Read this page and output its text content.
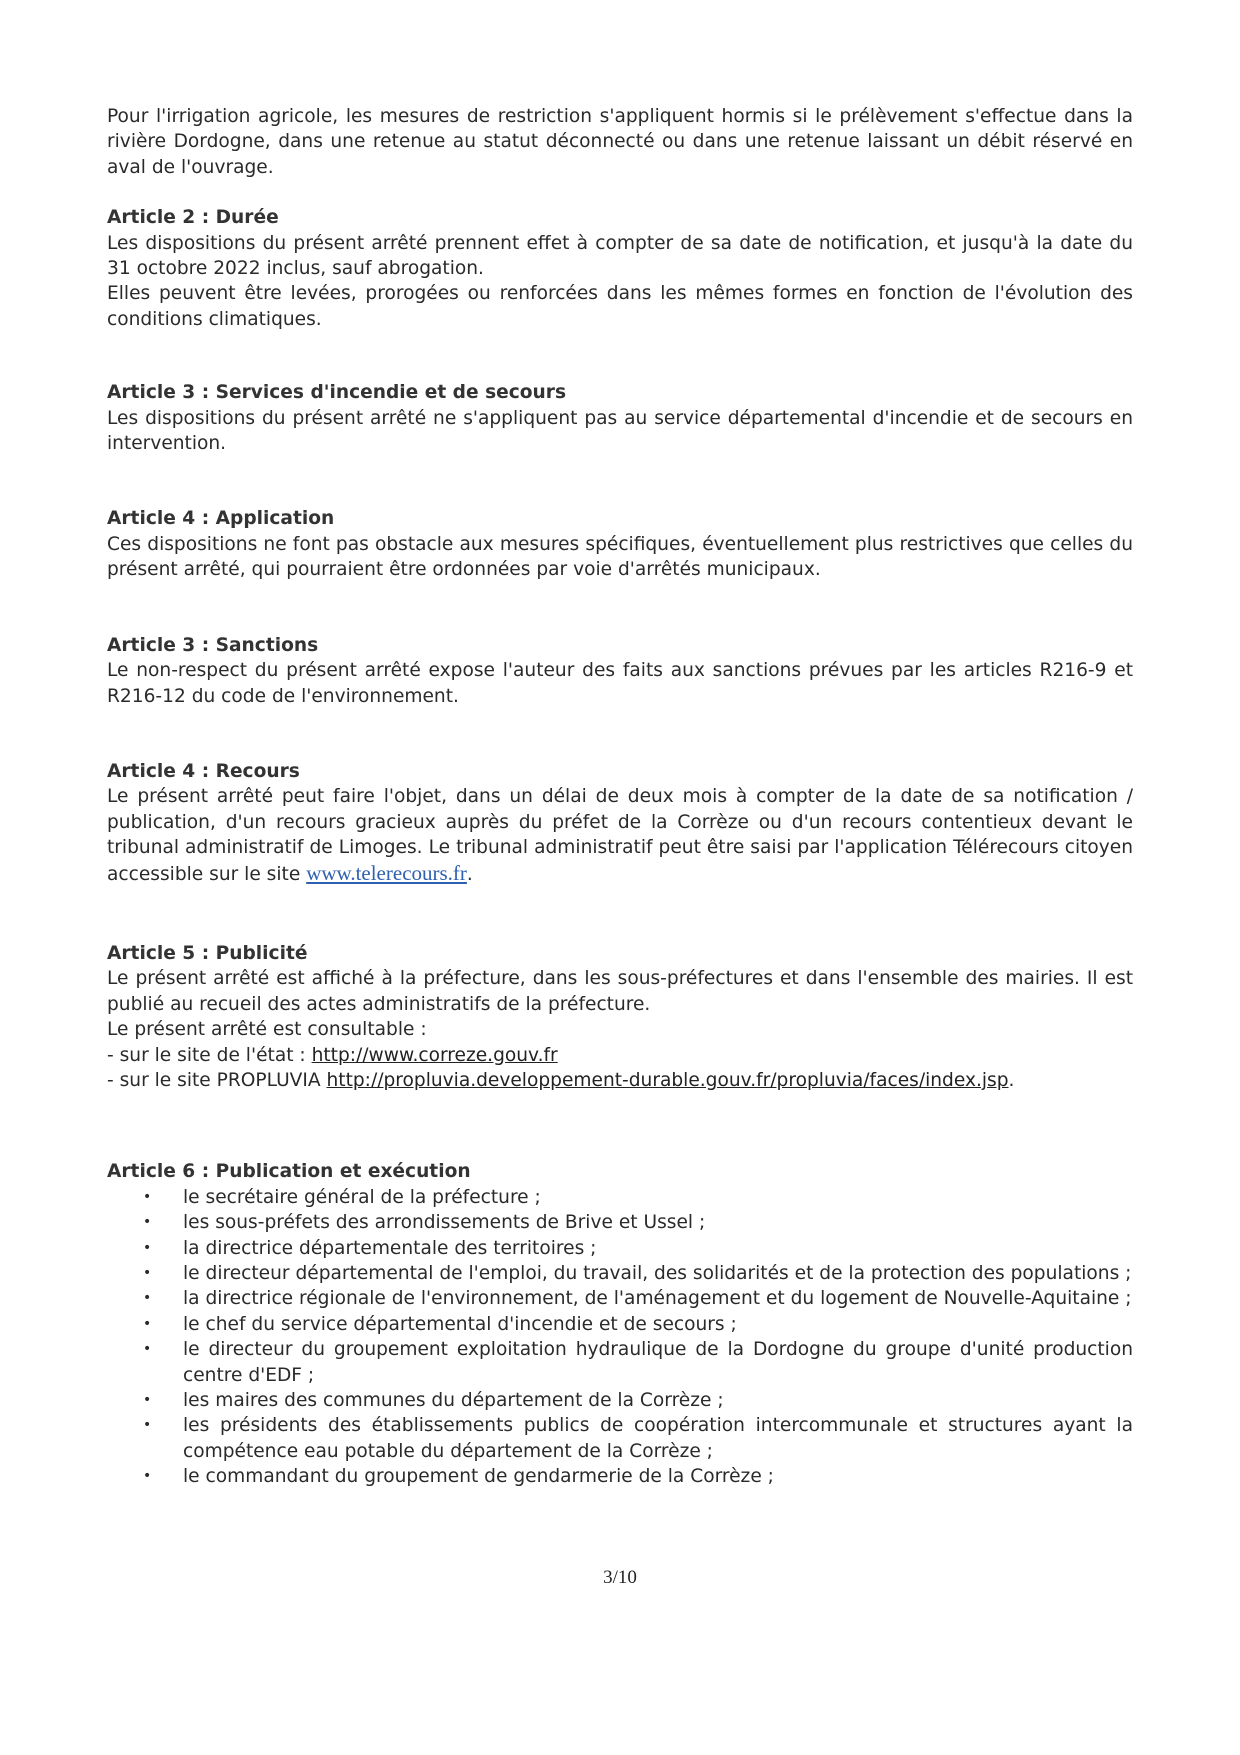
Pour l'irrigation agricole, les mesures de restriction s'appliquent hormis si le prélèvement s'effectue dans la rivière Dordogne, dans une retenue au statut déconnecté ou dans une retenue laissant un débit réservé en aval de l'ouvrage.

Article 2 : Durée

Les dispositions du présent arrêté prennent effet à compter de sa date de notification, et jusqu'à la date du 31 octobre 2022 inclus, sauf abrogation.

Elles peuvent être levées, prorogées ou renforcées dans les mêmes formes en fonction de l'évolution des conditions climatiques.

Article 3 : Services d'incendie et de secours

Les dispositions du présent arrêté ne s'appliquent pas au service départemental d'incendie et de secours en intervention.

Article 4 : Application

Ces dispositions ne font pas obstacle aux mesures spécifiques, éventuellement plus restrictives que celles du présent arrêté, qui pourraient être ordonnées par voie d'arrêtés municipaux.

Article 3 : Sanctions

Le non-respect du présent arrêté expose l'auteur des faits aux sanctions prévues par les articles R216-9 et R216-12 du code de l'environnement.

Article 4 : Recours

Le présent arrêté peut faire l'objet, dans un délai de deux mois à compter de la date de sa notification / publication, d'un recours gracieux auprès du préfet de la Corrèze ou d'un recours contentieux devant le tribunal administratif de Limoges. Le tribunal administratif peut être saisi par l'application Télérecours citoyen accessible sur le site www.telerecours.fr.

Article 5 : Publicité

Le présent arrêté est affiché à la préfecture, dans les sous-préfectures et dans l'ensemble des mairies. Il est publié au recueil des actes administratifs de la préfecture.

Le présent arrêté est consultable :

- sur le site de l'état : http://www.correze.gouv.fr

- sur le site PROPLUVIA http://propluvia.developpement-durable.gouv.fr/propluvia/faces/index.jsp.

Article 6 : Publication et exécution

• le secrétaire général de la préfecture ;
• les sous-préfets des arrondissements de Brive et Ussel ;
• la directrice départementale des territoires ;
• le directeur départemental de l'emploi, du travail, des solidarités et de la protection des populations ;
• la directrice régionale de l'environnement, de l'aménagement et du logement de Nouvelle-Aquitaine ;
• le chef du service départemental d'incendie et de secours ;
• le directeur du groupement exploitation hydraulique de la Dordogne du groupe d'unité production centre d'EDF ;
• les maires des communes du département de la Corrèze ;
• les présidents des établissements publics de coopération intercommunale et structures ayant la compétence eau potable du département de la Corrèze ;
• le commandant du groupement de gendarmerie de la Corrèze ;
3/10
